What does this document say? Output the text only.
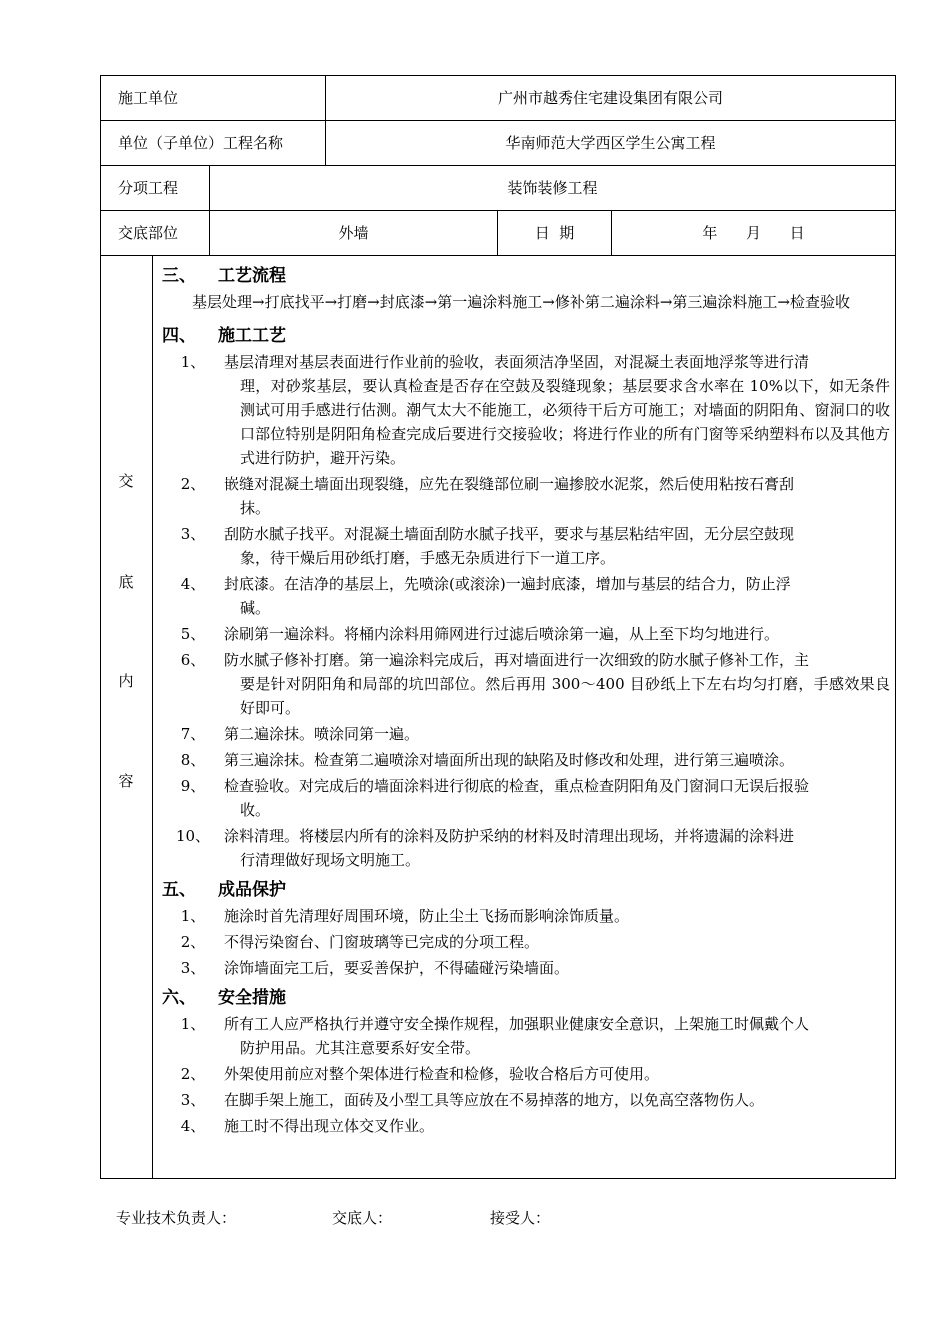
施工单位	广州市越秀住宅建设集团有限公司
单位（子单位）工程名称	华南师范大学西区学生公寓工程
分项工程	装饰装修工程
交底部位	外墙	日  期	年      月      日
交
底
内
容
三、	工艺流程

基层处理→打底找平→打磨→封底漆→第一遍涂料施工→修补第二遍涂料→第三遍涂料施工→检查验收

四、	施工工艺
1、	基层清理对基层表面进行作业前的验收，表面须洁净坚固，对混凝土表面地浮浆等进行清
理，对砂浆基层，要认真检查是否存在空鼓及裂缝现象；基层要求含水率在 10%以下，如无条件测试可用手感进行估测。潮气太大不能施工，必须待干后方可施工；对墙面的阴阳角、窗洞口的收口部位特别是阴阳角检查完成后要进行交接验收；将进行作业的所有门窗等采纳塑料布以及其他方式进行防护，避开污染。
2、	嵌缝对混凝土墙面出现裂缝，应先在裂缝部位刷一遍掺胶水泥浆，然后使用粘按石膏刮
抹。
3、	刮防水腻子找平。对混凝土墙面刮防水腻子找平，要求与基层粘结牢固，无分层空鼓现
象，待干燥后用砂纸打磨，手感无杂质进行下一道工序。
4、	封底漆。在洁净的基层上，先喷涂(或滚涂)一遍封底漆，增加与基层的结合力，防止浮
碱。
5、	涂刷第一遍涂料。将桶内涂料用筛网进行过滤后喷涂第一遍，从上至下均匀地进行。
6、	防水腻子修补打磨。第一遍涂料完成后，再对墙面进行一次细致的防水腻子修补工作，主
要是针对阴阳角和局部的坑凹部位。然后再用 300～400 目砂纸上下左右均匀打磨，手感效果良好即可。
7、	第二遍涂抹。喷涂同第一遍。
8、	第三遍涂抹。检查第二遍喷涂对墙面所出现的缺陷及时修改和处理，进行第三遍喷涂。
9、	检查验收。对完成后的墙面涂料进行彻底的检查，重点检查阴阳角及门窗洞口无误后报验
收。
10、 涂料清理。将楼层内所有的涂料及防护采纳的材料及时清理出现场，并将遗漏的涂料进
行清理做好现场文明施工。
五、	成品保护
1、	施涂时首先清理好周围环境，防止尘土飞扬而影响涂饰质量。
2、	不得污染窗台、门窗玻璃等已完成的分项工程。
3、	涂饰墙面完工后，要妥善保护，不得磕碰污染墙面。
六、	安全措施
1、	所有工人应严格执行并遵守安全操作规程，加强职业健康安全意识，上架施工时佩戴个人
防护用品。尤其注意要系好安全带。
2、	外架使用前应对整个架体进行检查和检修，验收合格后方可使用。
3、	在脚手架上施工，面砖及小型工具等应放在不易掉落的地方，以免高空落物伤人。
4、	施工时不得出现立体交叉作业。
专业技术负责人：	交底人：	接受人：
